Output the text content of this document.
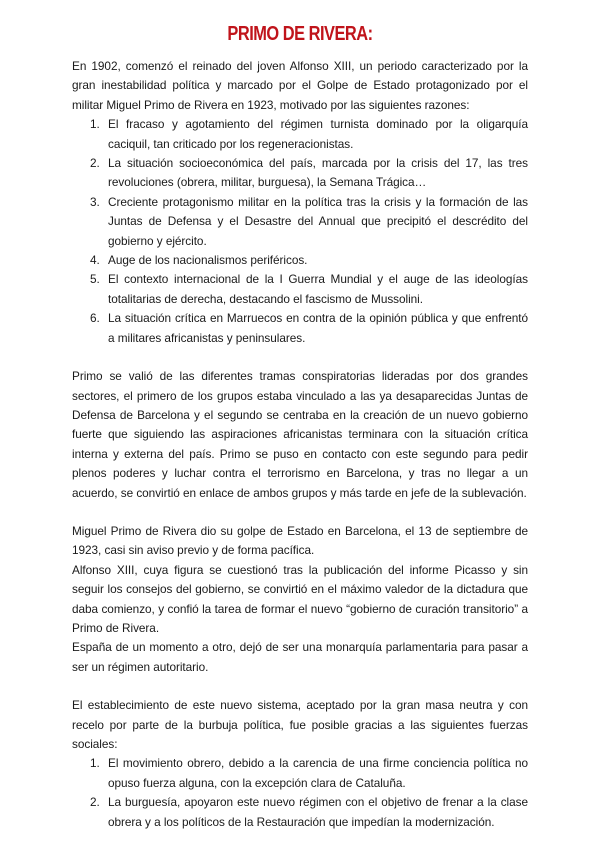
PRIMO DE RIVERA:

En 1902, comenzó el reinado del joven Alfonso XIII, un periodo caracterizado por la gran inestabilidad política y marcado por el Golpe de Estado protagonizado por el militar Miguel Primo de Rivera en 1923, motivado por las siguientes razones:

1. El fracaso y agotamiento del régimen turnista dominado por la oligarquía caciquil, tan criticado por los regeneracionistas.
2. La situación socioeconómica del país, marcada por la crisis del 17, las tres revoluciones (obrera, militar, burguesa), la Semana Trágica…
3. Creciente protagonismo militar en la política tras la crisis y la formación de las Juntas de Defensa y el Desastre del Annual que precipitó el descrédito del gobierno y ejército.
4. Auge de los nacionalismos periféricos.
5. El contexto internacional de la I Guerra Mundial y el auge de las ideologías totalitarias de derecha, destacando el fascismo de Mussolini.
6. La situación crítica en Marruecos en contra de la opinión pública y que enfrentó a militares africanistas y peninsulares.

Primo se valió de las diferentes tramas conspiratorias lideradas por dos grandes sectores, el primero de los grupos estaba vinculado a las ya desaparecidas Juntas de Defensa de Barcelona y el segundo se centraba en la creación de un nuevo gobierno fuerte que siguiendo las aspiraciones africanistas terminara con la situación crítica interna y externa del país. Primo se puso en contacto con este segundo para pedir plenos poderes y luchar contra el terrorismo en Barcelona, y tras no llegar a un acuerdo, se convirtió en enlace de ambos grupos y más tarde en jefe de la sublevación.

Miguel Primo de Rivera dio su golpe de Estado en Barcelona, el 13 de septiembre de 1923, casi sin aviso previo y de forma pacífica.

Alfonso XIII, cuya figura se cuestionó tras la publicación del informe Picasso y sin seguir los consejos del gobierno, se convirtió en el máximo valedor de la dictadura que daba comienzo, y confió la tarea de formar el nuevo “gobierno de curación transitorio” a Primo de Rivera.

España de un momento a otro, dejó de ser una monarquía parlamentaria para pasar a ser un régimen autoritario.

El establecimiento de este nuevo sistema, aceptado por la gran masa neutra y con recelo por parte de la burbuja política, fue posible gracias a las siguientes fuerzas sociales:

1. El movimiento obrero, debido a la carencia de una firme conciencia política no opuso fuerza alguna, con la excepción clara de Cataluña.
2. La burguesía, apoyaron este nuevo régimen con el objetivo de frenar a la clase obrera y a los políticos de la Restauración que impedían la modernización.
